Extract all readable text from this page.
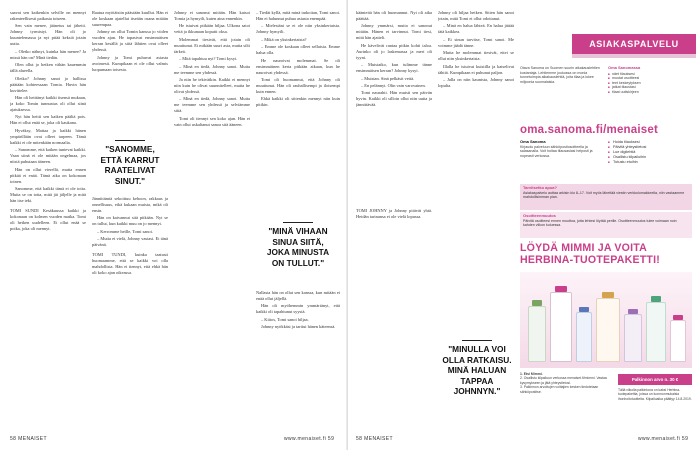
saavat sen kaikenkin selville on mennyt rakenteellisesti paikasta toiseen.

Sen vain menee, jäänetus tai jähetti. Johnny tyrmistyi. Hän oli jo kuuntelemassa ja nyt pitää keksiä jotain uutta.

– Oletko nähnyt, kuinka hän menee? Ja missä hän on? Minä tiedän.

Olen ollut jo hetken vähän kauemmin tällä alueella.

Oletko? Johnny sanoi jo hallissa päätään kohteessaan Tomia. Huvin hän kuvittelee.

Hän oli heittänyt kaikki itsensä mukaan, ja koko Tomin tunnustus oli ollut siinä ajatuksessa.

Nyt hän heitti sen kaiken päältä pois. Hän ei ollut enää se, joka oli kaukana.

Hyväksy, Mattaa ja kaikki hänen ympärillään ovat olleet tarpeen. Tämä kaikki ei ole mitenkään normaalia.

– Sanomme, että kaiken tuntevat kaikki. Vaan siinä ei ole mitään ongelmaa, jos niistä puhutaan ääneen.

Hän on ollut vierellä, mutta ennen pitkää ei enää. Tämä aika on kokonaan toinen.

Sanomme, että kaikki tämä ei ole totta. Mutta se on totta, mitä jäi jäljelle ja mitä hän itse teki.

TOMI SUNDI Kesäkuussa kaikki ja kokonaan on kolmen vuoden matka. Tomi oli hetken uudelleen. Ei ollut enää se poika, joka oli mennyt.

Raatua myötäisiin päästään kuullut. Hän ei ole koskaan ajatellut itseään osana mitään suurempaa.

Johnny on ollut Tomin kanssa jo viiden vuoden ajan. He tapasivat ensimmäisen kerran kesällä ja siitä lähtien ovat olleet yhdessä.

Johnny ja Tomi puhuvat asiasta avoimesti. Kumpikaan ei ole ollut valmis luopumaan toisesta.

"SANOMME, ETTÄ KARRUT RAATELIVAT SINUT."

Jännittämiä sekoittuu kehoon, rakkaus ja onnellisuus, eikä kukaan muista, mikä oli ensin.

Hän on kaivannut sitä pitkään. Nyt se on tullut, kun kaikki muu on jo mennyt.

– Kerromme heille, Tomi sanoi.

– Mutta ei vielä, Johnny vastasi. Ei tänä päivänä.

TOMI TUNDI, kuinka taatusti huomaamme, että se kaikki voi olla mahdollista. Hän ei tiennyt, että ehkä hän oli koko ajan oikeassa.

Johnny ei sanonut mitään. Hän katsoi Tomia ja hymyili, kuten aina ennenkin.

He istuivat pitkään hiljaa. Ulkona satoi vettä ja ikkunaan koputti oksa.

Molemmat tiesivät, että jotain oli muuttunut. Ei mikään suuri asia, mutta silti tärkeä.

– Mitä tapahtuu nyt? Tomi kysyi.

– Minä en tiedä, Johnny sanoi. Mutta me teemme sen yhdessä.

Ja niin he tekivätkin. Kaikki ei mennyt niin kuin he olivat suunnitelleet, mutta he olivat yhdessä.

– Minä en tiedä, Johnny sanoi. Mutta me teemme sen yhdessä ja selviämme siitä.

Tomi oli tiennyt sen koko ajan. Hän ei vain ollut uskaltanut sanoa sitä ääneen.

– Tiedät kyllä, mitä minä tarkoitan, Tomi sanoi. Hän ei halunnut puhua asiasta enempää.

– Mielestäni se ei ole niin yksinkertaista. Johnny hymyili.

– Mikä on yksinkertaista?

– Emme ole koskaan olleet sellaisia. Emme halua olla.

He nauroivat molemmat. Se oli ensimmäinen kerta pitkään aikaan, kun he nauroivat yhdessä.

Tomi oli huomannut, että Johnny oli muuttunut. Hän oli rauhallisempi ja iloisempi kuin ennen.

Ehkä kaikki oli sittenkin mennyt niin kuin pitikin.

"MINÄ VIHAAN SINUA SIITÄ, JOKA MINUSTA ON TULLUT."

Nallasta hän on ollut sen kanssa, kun mitään ei enää ollut jäljellä.

Hän oli myöhemmin ymmärtänyt, että kaikki oli tapahtunut syystä.

– Kiitos, Tomi sanoi hiljaa.

Johnny nyökkäsi ja tarttui hänen käteensä.

58 MENAISET	www.menaiset.fi 59

käänteitä hän oli huomannut. Nyt oli aika päättää.

Johnny ymmärsi, mutta ei sanonut mitään. Hänen ei tarvinnut. Tomi tiesi, mitä hän ajatteli.

He kävelivät rantaa pitkin kohti taloa. Aurinko oli jo laskemassa ja meri oli tyyni.

– Muistatko, kun tulimme tänne ensimmäisen kerran? Johnny kysyi.

– Muistan. Sinä pelkäsit vettä.

– En pelännyt. Olin vain varovainen.

Tomi naurahti. Hän muisti sen päivän hyvin. Kaikki oli silloin ollut niin uutta ja jännittävää.

TOMI JOHNNY ja Johnny pitävät yhtä. Heidän tarinansa ei ole vielä lopussa.

Johnny oli hiljaa hetken. Sitten hän sanoi jotain, mitä Tomi ei ollut odottanut.

– Minä en halua lähteä. En halua jättää tätä kaikkea.

– Ei sinun tarvitse, Tomi sanoi. Me voimme jäädä tänne.

Mutta he molemmat tiesivät, ettei se ollut niin yksinkertaista.

Illalla he istuivat kuistilla ja katselivat tähtiä. Kumpikaan ei puhunut paljon.

– Jalla on niin kaunista, Johnny sanoi lopulta.

"MINULLA VOI OLLA RATKAISU. MINÄ HALUAN TAPPAA JOHNNYN."
ASIAKASPALVELU
Otava Sanoma on Suomen suurin aikakauslehtien kustantaja. Lehtiemme joukossa on monia tunnetuimpia aikakauslehtiä, joita tilaa ja lukee miljoonia suomalaisia.
Oma Sanomassa
■ näet tilauksesi
■ muutat osoitteesi
■ teet keskeytyksen
■ jatkat tilaustasi
■ tilaat uutiskirjeen
oma.sanoma.fi/menaiset
Oma Sanoma
Kirjaudu palveluun sähköpostiosoitteella ja salasanalla. Voit hoitaa tilausasiasi helposti ja nopeasti verkossa.
■ Hoida tilauksesi
■ Päivitä yhteystietosi
■ Lue digilehtiä
■ Osallistu kilpailuihin
■ Tutustu etuihin
Tarvitsetko apua?
Asiakaspalvelu auttaa arkisin klo 8–17. Voit myös lähettää viestin verkkolomakkeella, niin vastaamme mahdollisimman pian.
Osoitteenmuutos
Päivitä osoitteesi ennen muuttoa, jotta lehtesi löytää perille. Osoitteenmuutos tulee voimaan noin kahden viikon kuluessa.
LÖYDÄ MIMMI JA VOITA HERBINA-TUOTEPAKETTI!
1. Etsi Mimmi.
2. Osallistu kilpailuun verkossa menaiset.fi/mimmi. Vastaa kysymykseen ja jätä yhteystietosi.
3. Palkinnon arvottujen voittajien kesken tiedotetaan sähköpostitse.
Palkinnon arvo n. 30 €
Tällä viikolla palkintona on kaksi Herbina-tuotepakettia, joissa on luonnonmukaisia ihonhoitotuotteita. Kilpailuaika päättyy 14.8.2019.
www.menaiset.fi 59
58 MENAISET
